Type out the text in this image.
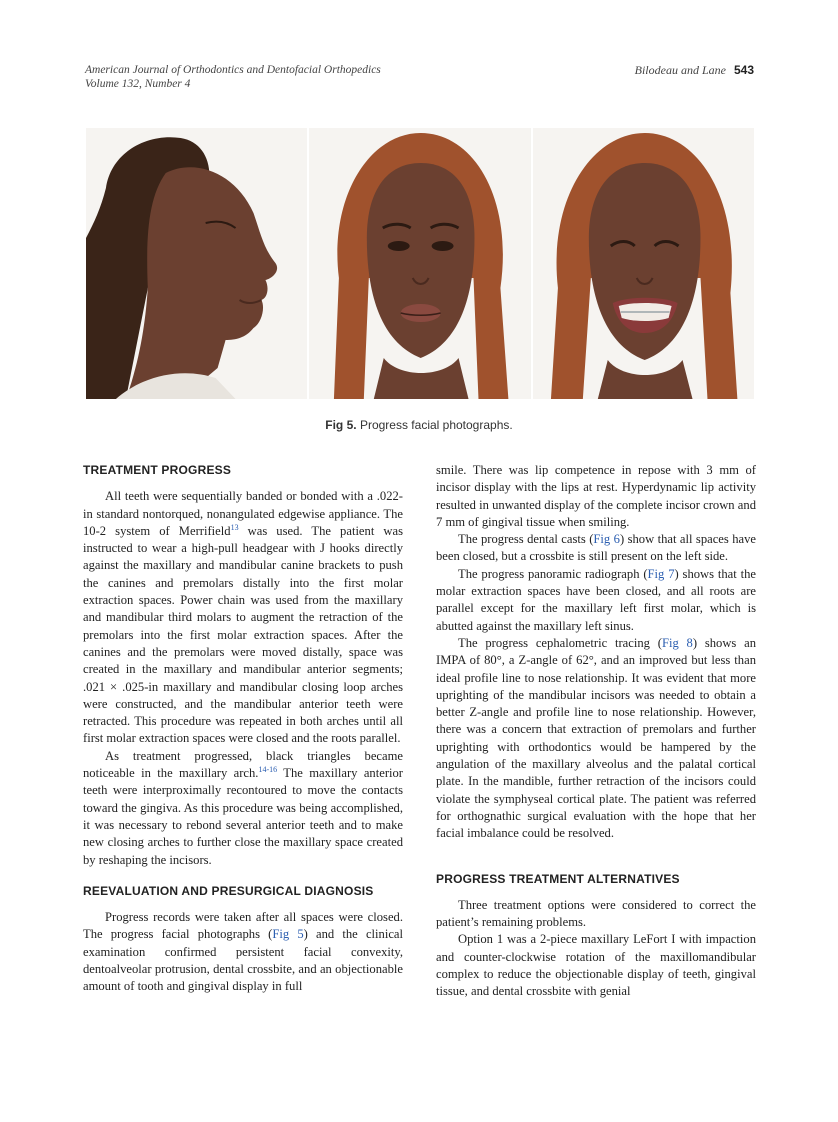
American Journal of Orthodontics and Dentofacial Orthopedics
Volume 132, Number 4
Bilodeau and Lane 543
Fig 5. Progress facial photographs.
TREATMENT PROGRESS

All teeth were sequentially banded or bonded with a .022-in standard nontorqued, nonangulated edgewise appliance. The 10-2 system of Merrifield$^{13}$ was used. The patient was instructed to wear a high-pull headgear with J hooks directly against the maxillary and mandibular canine brackets to push the canines and premolars distally into the first molar extraction spaces. Power chain was used from the maxillary and mandibular third molars to augment the retraction of the premolars into the first molar extraction spaces. After the canines and the premolars were moved distally, space was created in the maxillary and mandibular anterior segments; .021 × .025-in maxillary and mandibular closing loop arches were constructed, and the mandibular anterior teeth were retracted. This procedure was repeated in both arches until all first molar extraction spaces were closed and the roots parallel.

As treatment progressed, black triangles became noticeable in the maxillary arch.$^{14-16}$ The maxillary anterior teeth were interproximally recontoured to move the contacts toward the gingiva. As this procedure was being accomplished, it was necessary to rebond several anterior teeth and to make new closing arches to further close the maxillary space created by reshaping the incisors.

REEVALUATION AND PRESURGICAL DIAGNOSIS

Progress records were taken after all spaces were closed. The progress facial photographs (Fig 5) and the clinical examination confirmed persistent facial convexity, dentoalveolar protrusion, dental crossbite, and an objectionable amount of tooth and gingival display in full

smile. There was lip competence in repose with 3 mm of incisor display with the lips at rest. Hyperdynamic lip activity resulted in unwanted display of the complete incisor crown and 7 mm of gingival tissue when smiling.

The progress dental casts (Fig 6) show that all spaces have been closed, but a crossbite is still present on the left side.

The progress panoramic radiograph (Fig 7) shows that the molar extraction spaces have been closed, and all roots are parallel except for the maxillary left first molar, which is abutted against the maxillary left sinus.

The progress cephalometric tracing (Fig 8) shows an IMPA of 80°, a Z-angle of 62°, and an improved but less than ideal profile line to nose relationship. It was evident that more uprighting of the mandibular incisors was needed to obtain a better Z-angle and profile line to nose relationship. However, there was a concern that extraction of premolars and further uprighting with orthodontics would be hampered by the angulation of the maxillary alveolus and the palatal cortical plate. In the mandible, further retraction of the incisors could violate the symphyseal cortical plate. The patient was referred for orthognathic surgical evaluation with the hope that her facial imbalance could be resolved.

PROGRESS TREATMENT ALTERNATIVES

Three treatment options were considered to correct the patient’s remaining problems.

Option 1 was a 2-piece maxillary LeFort I with impaction and counter-clockwise rotation of the maxillomandibular complex to reduce the objectionable display of teeth, gingival tissue, and dental crossbite with genial
